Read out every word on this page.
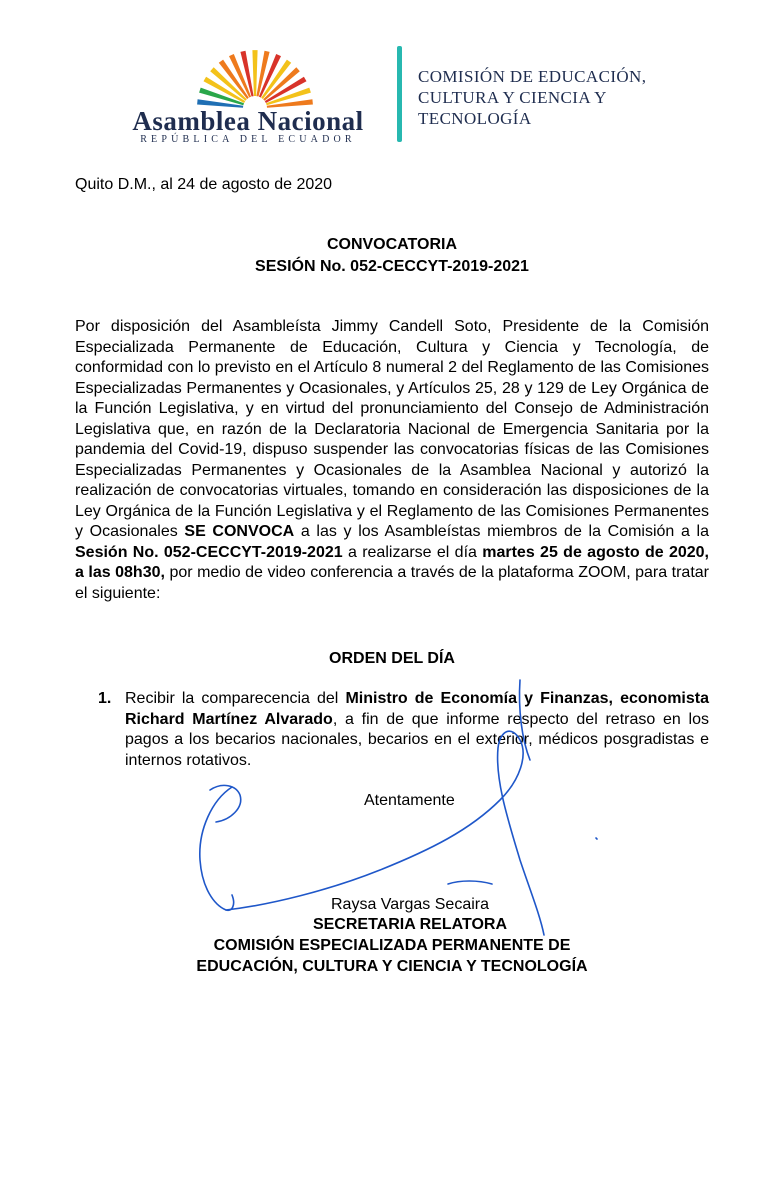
Asamblea Nacional
REPÚBLICA DEL ECUADOR
COMISIÓN DE EDUCACIÓN,
CULTURA Y CIENCIA Y
TECNOLOGÍA
Quito D.M., al 24 de agosto de 2020
CONVOCATORIA
SESIÓN No. 052-CECCYT-2019-2021
Por disposición del Asambleísta Jimmy Candell Soto, Presidente de la Comisión Especializada Permanente de Educación, Cultura y Ciencia y Tecnología, de conformidad con lo previsto en el Artículo 8 numeral 2 del Reglamento de las Comisiones Especializadas Permanentes y Ocasionales, y Artículos 25, 28 y 129 de Ley Orgánica de la Función Legislativa, y en virtud del pronunciamiento del Consejo de Administración Legislativa que, en razón de la Declaratoria Nacional de Emergencia Sanitaria por la pandemia del Covid-19, dispuso suspender las convocatorias físicas de las Comisiones Especializadas Permanentes y Ocasionales de la Asamblea Nacional y autorizó la realización de convocatorias virtuales, tomando en consideración las disposiciones de la Ley Orgánica de la Función Legislativa y el Reglamento de las Comisiones Permanentes y Ocasionales SE CONVOCA a las y los Asambleístas miembros de la Comisión a la Sesión No. 052-CECCYT-2019-2021 a realizarse el día martes 25 de agosto de 2020, a las 08h30, por medio de video conferencia a través de la plataforma ZOOM, para tratar el siguiente:
ORDEN DEL DÍA
1. Recibir la comparecencia del Ministro de Economía y Finanzas, economista Richard Martínez Alvarado, a fin de que informe respecto del retraso en los pagos a los becarios nacionales, becarios en el exterior, médicos posgradistas e internos rotativos.
Atentamente
Raysa Vargas Secaira
SECRETARIA RELATORA
COMISIÓN ESPECIALIZADA PERMANENTE DE
EDUCACIÓN, CULTURA Y CIENCIA Y TECNOLOGÍA
